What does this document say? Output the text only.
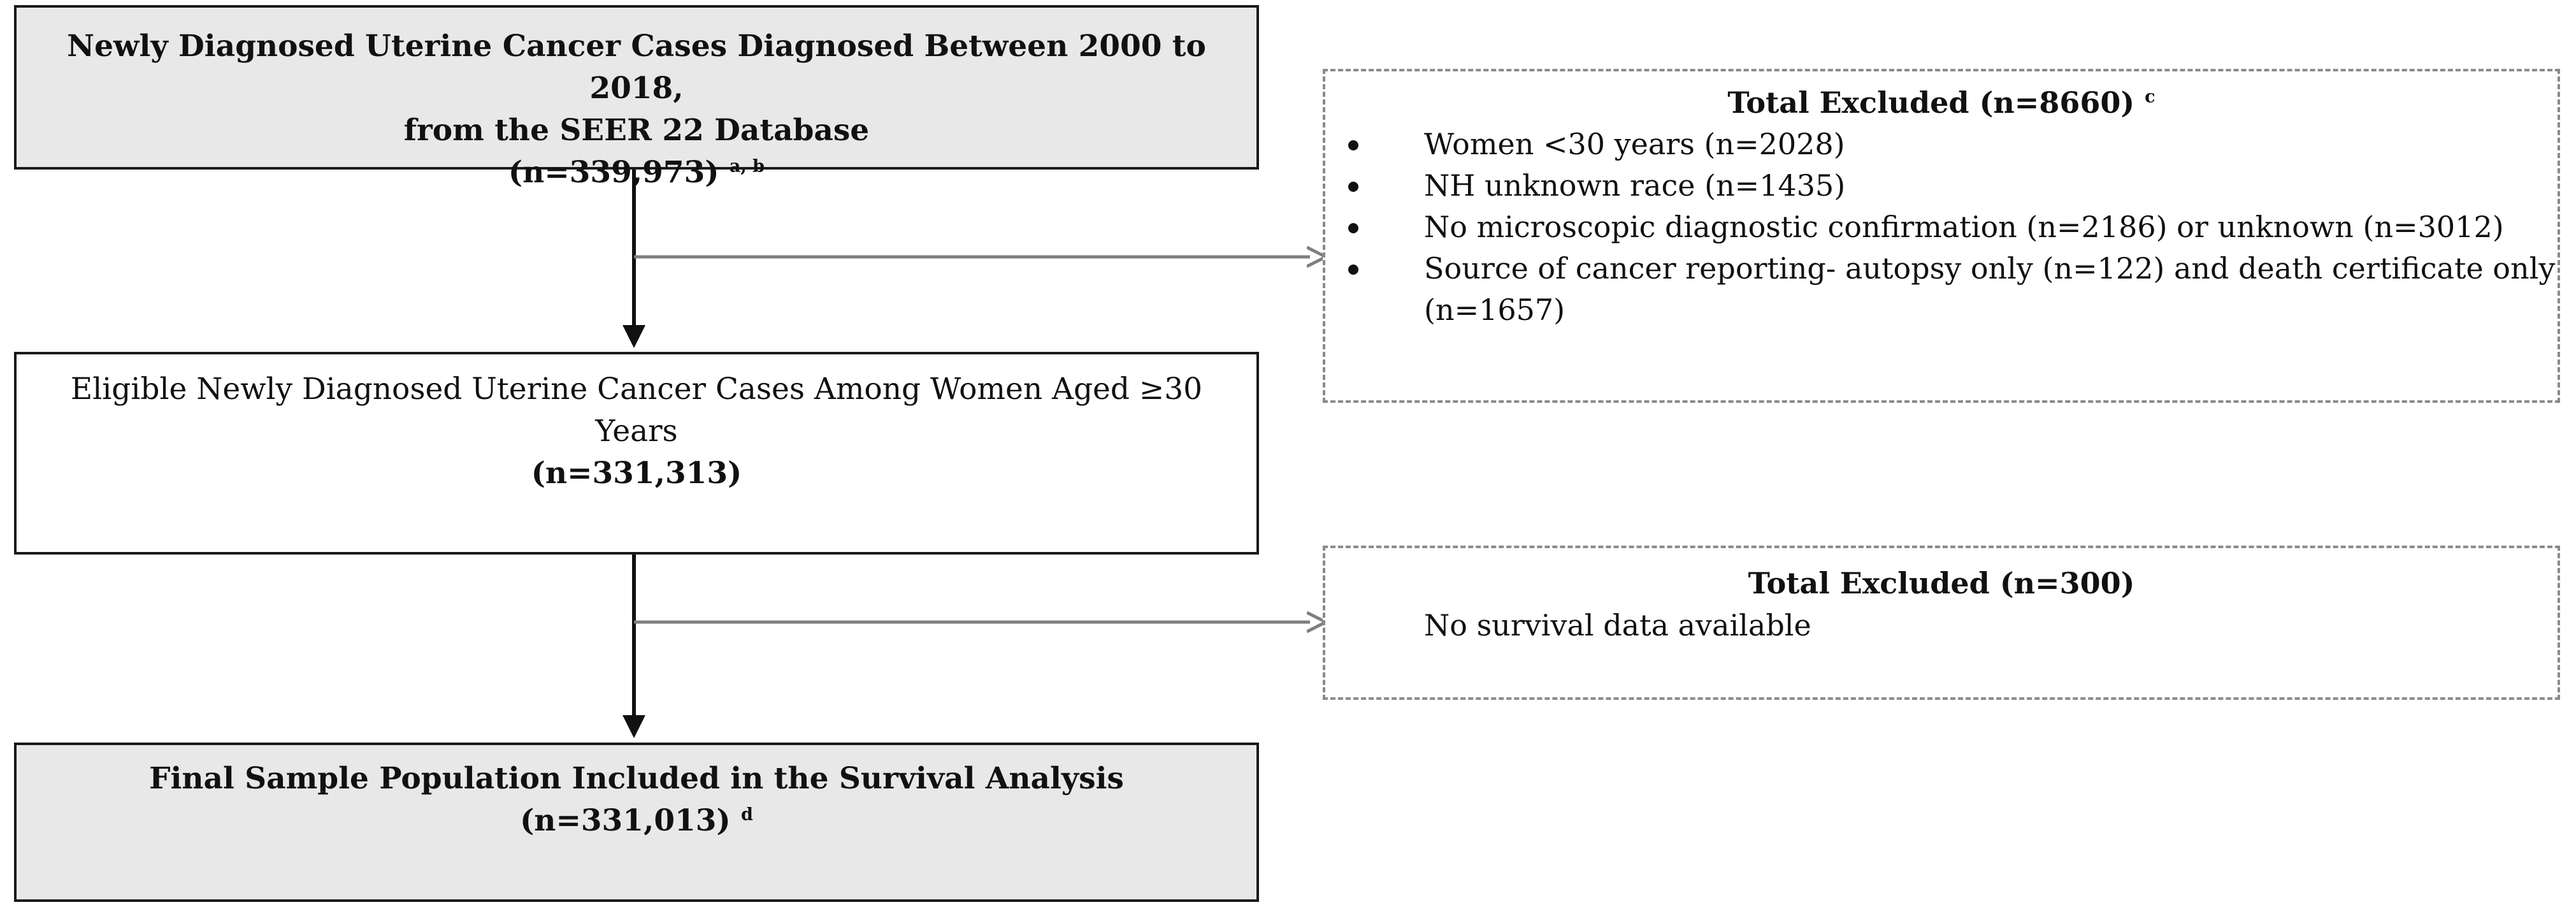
Newly Diagnosed Uterine Cancer Cases Diagnosed Between 2000 to 2018,
from the SEER 22 Database
(n=339,973) $^{a, b}$
Eligible Newly Diagnosed Uterine Cancer Cases Among Women Aged ≥30
Years
(n=331,313)
Final Sample Population Included in the Survival Analysis
(n=331,013) $^d$
Total Excluded (n=8660) $^c$
Women <30 years (n=2028)
NH unknown race (n=1435)
No microscopic diagnostic confirmation (n=2186) or unknown (n=3012)
Source of cancer reporting- autopsy only (n=122) and death certificate only (n=1657)
Total Excluded (n=300)
No survival data available
